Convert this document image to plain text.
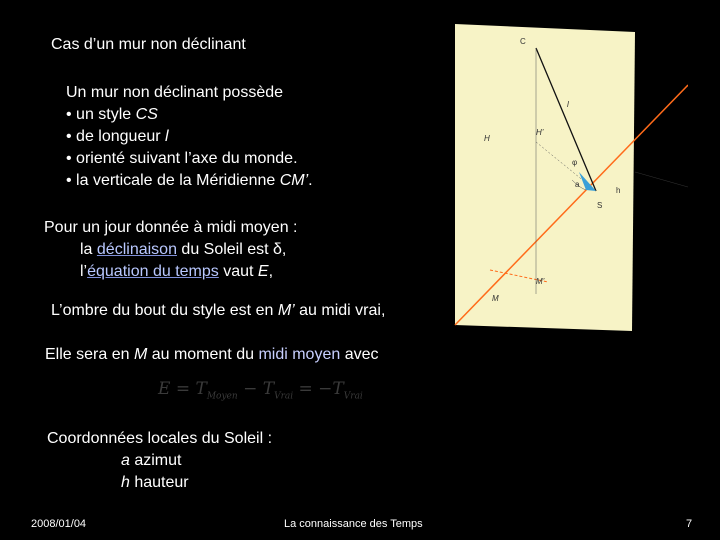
Cas d’un mur non déclinant
Un mur non déclinant possède
• un style CS
• de longueur l
• orienté suivant l’axe du monde.
• la verticale de la Méridienne CM’.
Pour un jour donnée à midi moyen :
la déclinaison du Soleil est δ,
l’équation du temps vaut E,
L’ombre du bout du style est en M’ au midi vrai,
Elle sera en M au moment du midi moyen avec
$E = T_{Moyen} - T_{Vrai} = -T_{Vrai}$
Coordonnées locales du Soleil :
a azimut
h hauteur
C
l
H
H’
φ
a
h
S
M
M’
2008/01/04	La connaissance des Temps	7
